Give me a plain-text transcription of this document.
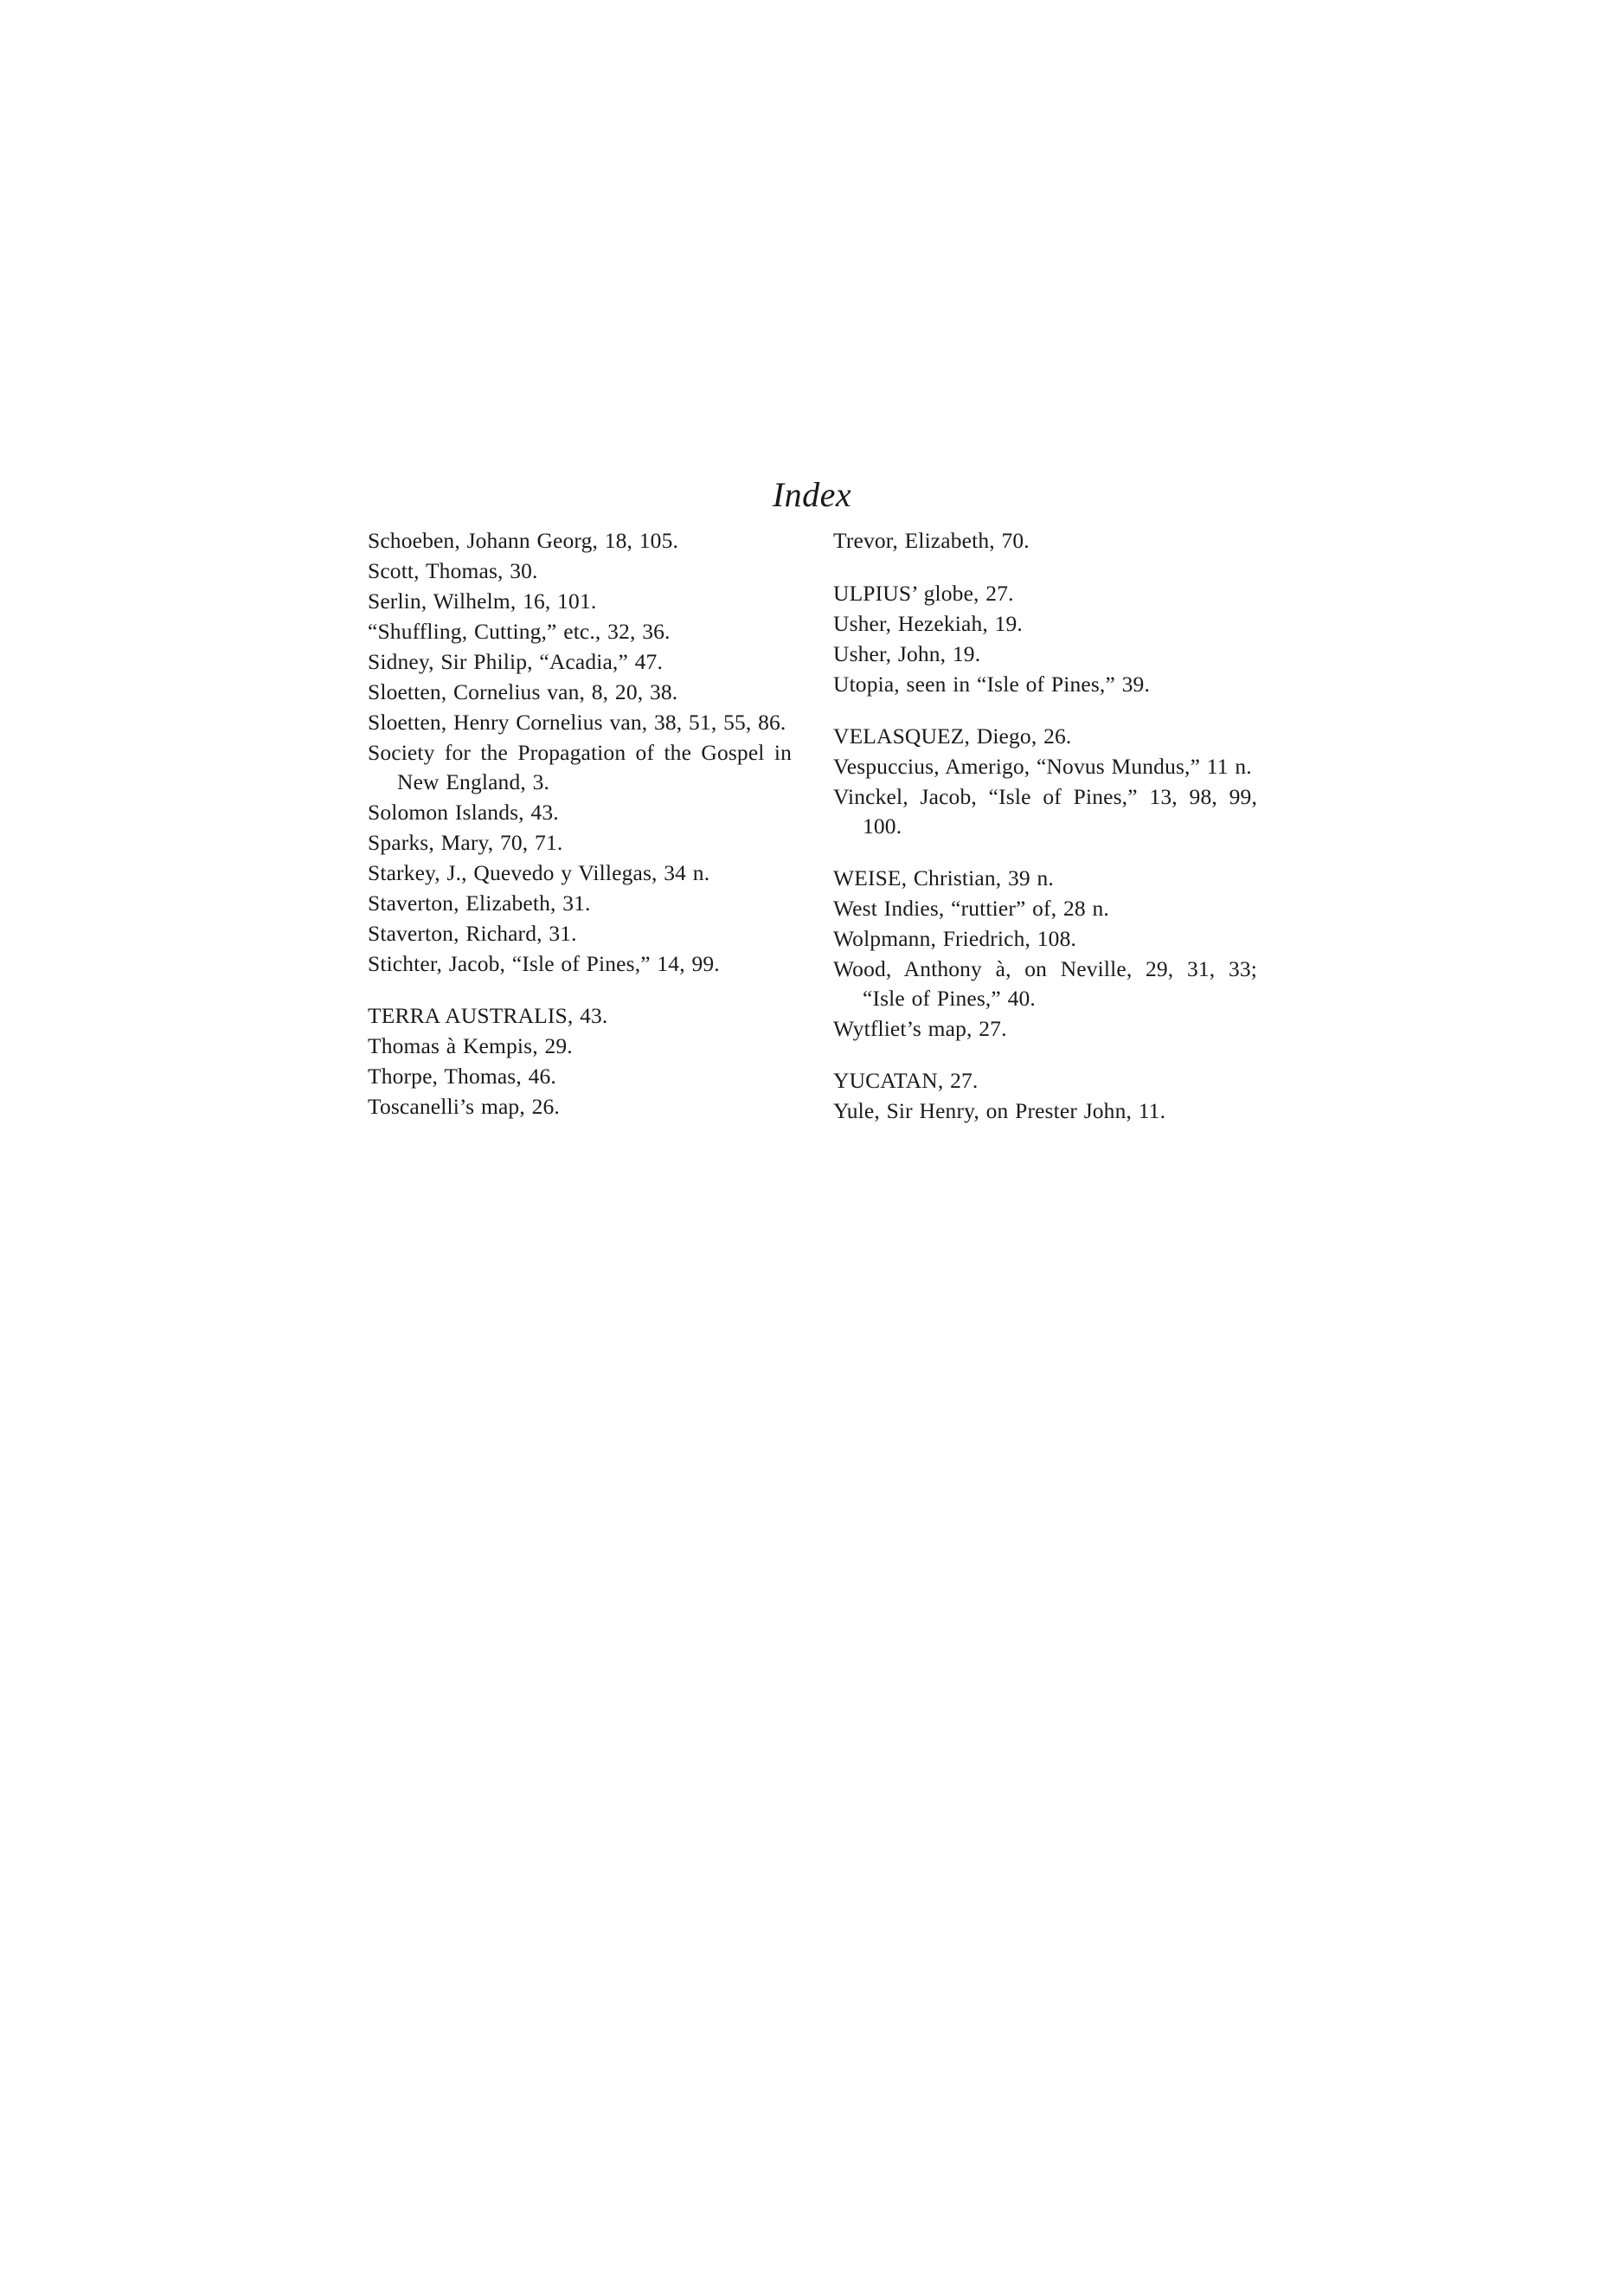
Index

Schoeben, Johann Georg, 18, 105.

Scott, Thomas, 30.

Serlin, Wilhelm, 16, 101.

“Shuffling, Cutting,” etc., 32, 36.

Sidney, Sir Philip, “Acadia,” 47.

Sloetten, Cornelius van, 8, 20, 38.

Sloetten, Henry Cornelius van, 38, 51, 55, 86.

Society for the Propagation of the Gospel in New England, 3.

Solomon Islands, 43.

Sparks, Mary, 70, 71.

Starkey, J., Quevedo y Villegas, 34 n.

Staverton, Elizabeth, 31.

Staverton, Richard, 31.

Stichter, Jacob, “Isle of Pines,” 14, 99.

TERRA AUSTRALIS, 43.

Thomas à Kempis, 29.

Thorpe, Thomas, 46.

Toscanelli’s map, 26.

Trevor, Elizabeth, 70.

ULPIUS’ globe, 27.

Usher, Hezekiah, 19.

Usher, John, 19.

Utopia, seen in “Isle of Pines,” 39.

VELASQUEZ, Diego, 26.

Vespuccius, Amerigo, “Novus Mundus,” 11 n.

Vinckel, Jacob, “Isle of Pines,” 13, 98, 99, 100.

WEISE, Christian, 39 n.

West Indies, “ruttier” of, 28 n.

Wolpmann, Friedrich, 108.

Wood, Anthony à, on Neville, 29, 31, 33; “Isle of Pines,” 40.

Wytfliet’s map, 27.

YUCATAN, 27.

Yule, Sir Henry, on Prester John, 11.
